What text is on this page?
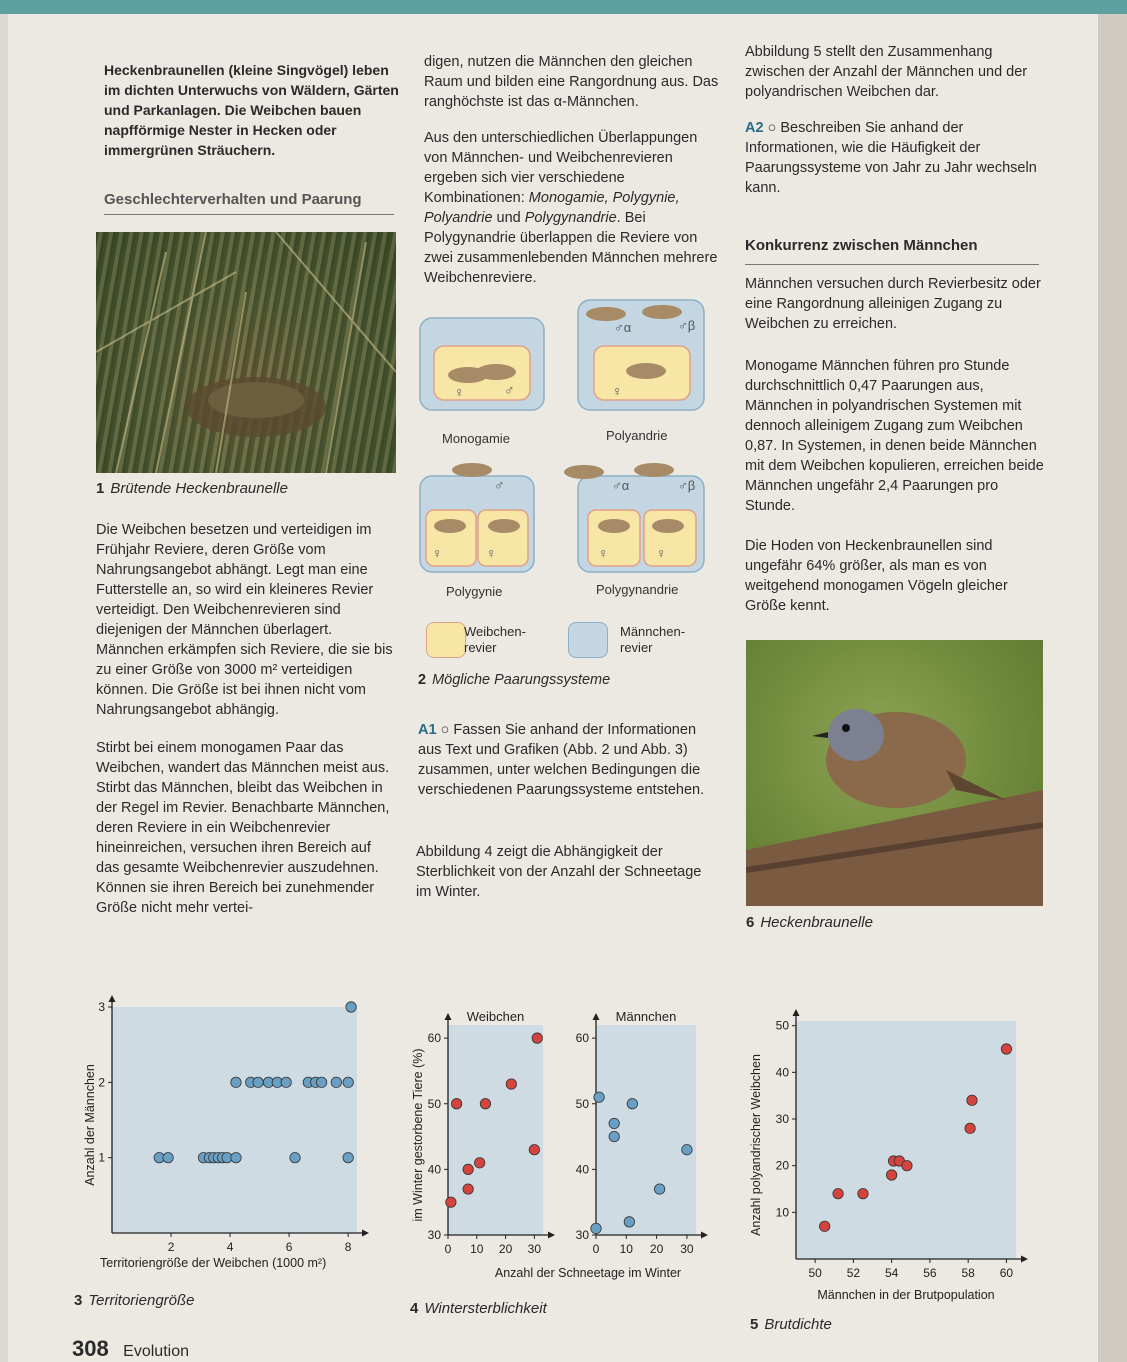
Heckenbraunellen (kleine Singvögel) leben im dichten Unterwuchs von Wäldern, Gärten und Parkanlagen. Die Weibchen bauen napfförmige Nester in Hecken oder immergrünen Sträuchern.

Geschlechterverhalten und Paarung
1 Brütende Heckenbraunelle

Die Weibchen besetzen und verteidigen im Frühjahr Reviere, deren Größe vom Nahrungsangebot abhängt. Legt man eine Futterstelle an, so wird ein kleineres Revier verteidigt. Den Weibchenrevieren sind diejenigen der Männchen überlagert. Männchen erkämpfen sich Reviere, die sie bis zu einer Größe von 3000 m² verteidigen können. Die Größe ist bei ihnen nicht vom Nahrungsangebot abhängig.

Stirbt bei einem monogamen Paar das Weibchen, wandert das Männchen meist aus. Stirbt das Männchen, bleibt das Weibchen in der Regel im Revier. Benachbarte Männchen, deren Reviere in ein Weibchenrevier hineinreichen, versuchen ihren Bereich auf das gesamte Weibchenrevier auszudehnen. Können sie ihren Bereich bei zunehmender Größe nicht mehr vertei-

digen, nutzen die Männchen den gleichen Raum und bilden eine Rangordnung aus. Das ranghöchste ist das α-Männchen.

Aus den unterschiedlichen Überlappungen von Männchen- und Weibchenrevieren ergeben sich vier verschiedene Kombinationen: Monogamie, Polygynie, Polyandrie und Polygynandrie. Bei Polygynandrie überlappen die Reviere von zwei zusammenlebenden Männchen mehrere Weibchenreviere.

♀	♂
Monogamie
♂α	♂β
♀
Polyandrie
♂
♀	♀
Polygynie
♂α	♂β
♀	♀
Polygynandrie
Weibchen-
revier
Männchen-
revier
2 Mögliche Paarungssysteme
A1 ○ Fassen Sie anhand der Informationen aus Text und Grafiken (Abb. 2 und Abb. 3) zusammen, unter welchen Bedingungen die verschiedenen Paarungssysteme entstehen.

Abbildung 4 zeigt die Abhängigkeit der Sterblichkeit von der Anzahl der Schneetage im Winter.

Abbildung 5 stellt den Zusammenhang zwischen der Anzahl der Männchen und der polyandrischen Weibchen dar.

A2 ○ Beschreiben Sie anhand der Informationen, wie die Häufigkeit der Paarungssysteme von Jahr zu Jahr wechseln kann.
Konkurrenz zwischen Männchen

Männchen versuchen durch Revierbesitz oder eine Rangordnung alleinigen Zugang zu Weibchen zu erreichen.

Monogame Männchen führen pro Stunde durchschnittlich 0,47 Paarungen aus, Männchen in polyandrischen Systemen mit dennoch alleinigem Zugang zum Weibchen 0,87. In Systemen, in denen beide Männchen mit dem Weibchen kopulieren, erreichen beide Männchen ungefähr 2,4 Paarungen pro Stunde.

Die Hoden von Heckenbraunellen sind ungefähr 64% größer, als man es von weitgehend monogamen Vögeln gleicher Größe kennt.

6 Heckenbraunelle
2	4	6	8
1
2
3
Territoriengröße der Weibchen (1000 m²)
Anzahl der Männchen
3 Territoriengröße
0 10 20 30
30
40
50
60
Weibchen
0 10 20 30
30
40
50
60
Männchen
Anzahl der Schneetage im Winter
im Winter gestorbene Tiere (%)
4 Wintersterblichkeit
50 52 54 56 58 60
10
20
30
40
50
Männchen in der Brutpopulation
Anzahl polyandrischer Weibchen
5 Brutdichte
308 Evolution
